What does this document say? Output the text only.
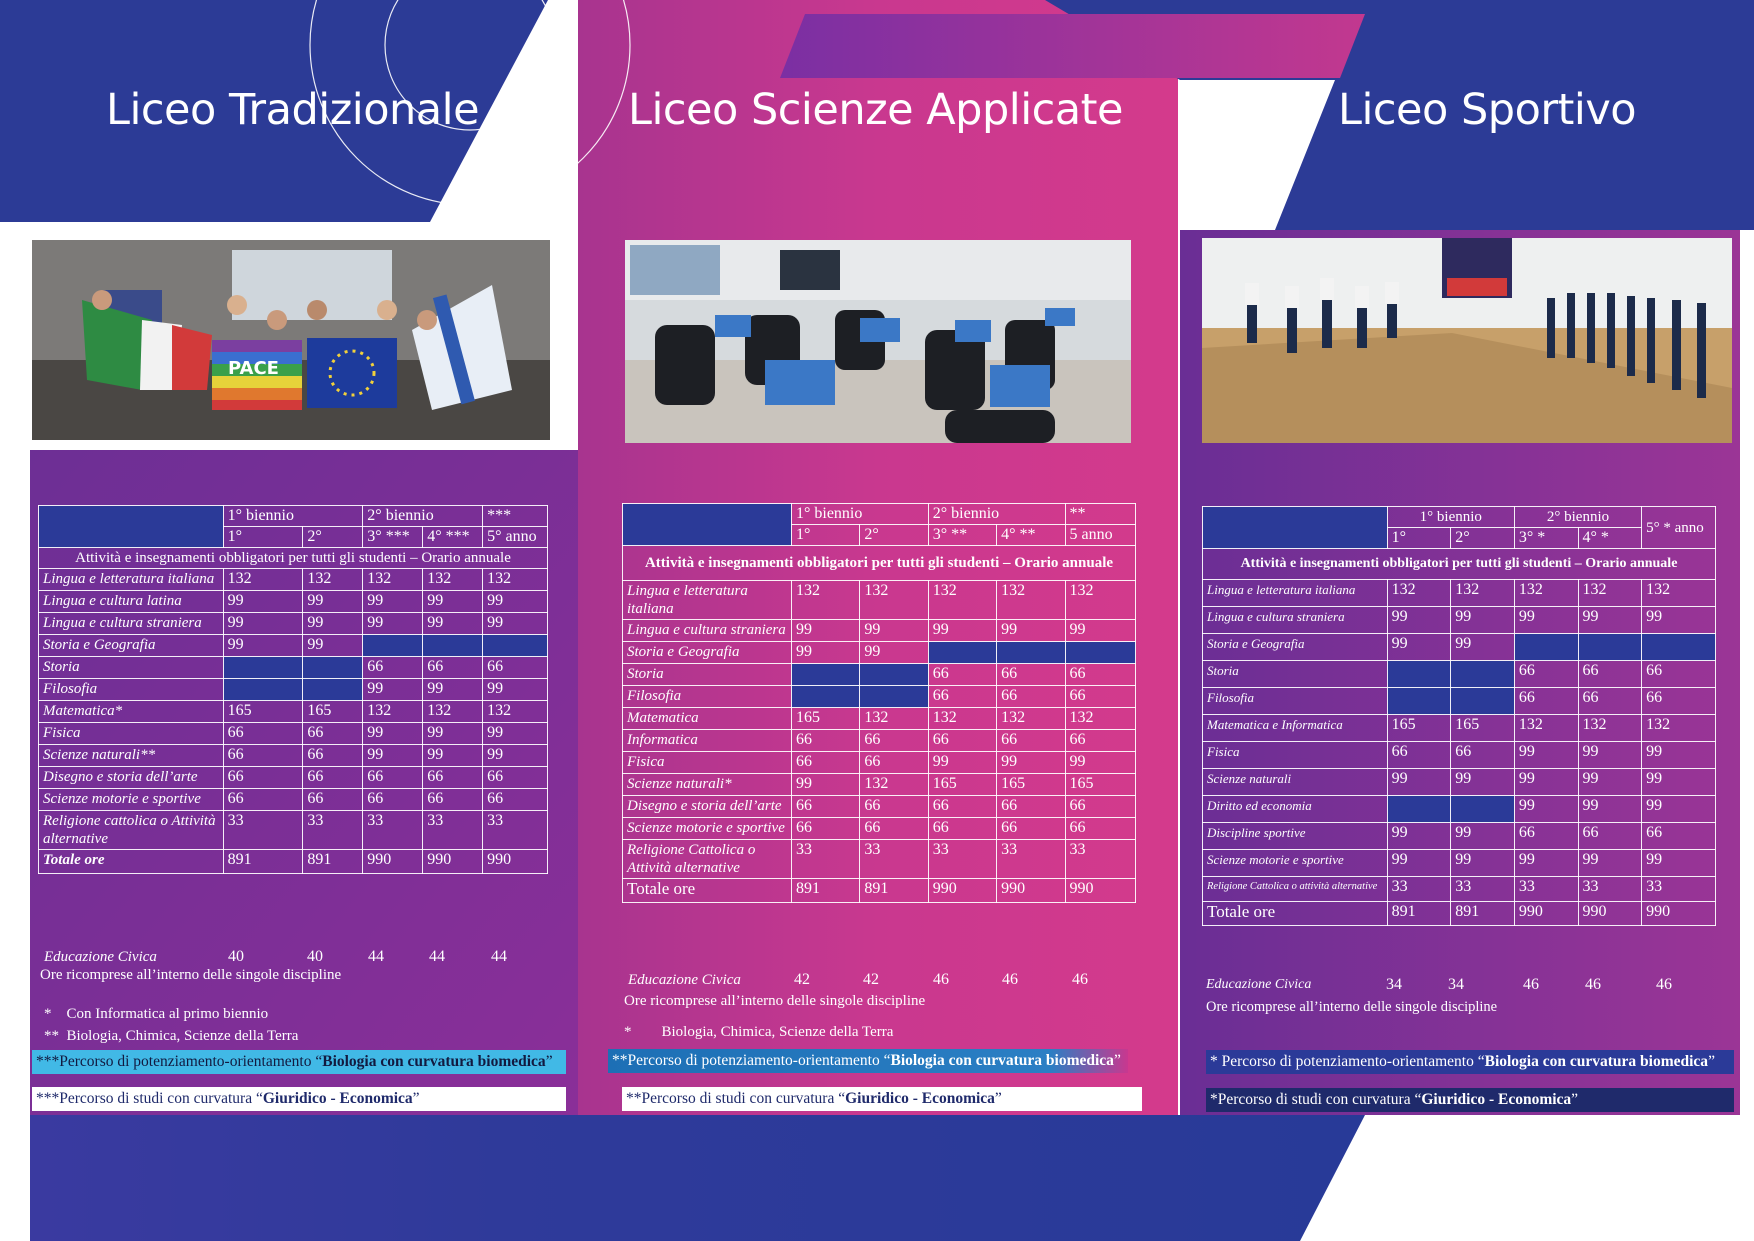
Liceo Tradizionale	Liceo Scienze Applicate	Liceo Sportivo
PACE
	1° biennio		2° biennio		***
	1°	2°	3° ***	4° ***	5° anno
Attività e insegnamenti obbligatori per tutti gli studenti – Orario annuale					
Lingua e letteratura italiana	132	132	132	132	132
Lingua e cultura latina	99	99	99	99	99
Lingua e cultura straniera	99	99	99	99	99
Storia e Geografia	99	99			
Storia			66	66	66
Filosofia			99	99	99
Matematica*	165	165	132	132	132
Fisica	66	66	99	99	99
Scienze naturali**	66	66	99	99	99
Disegno e storia dell’arte	66	66	66	66	66
Scienze motorie e sportive	66	66	66	66	66
Religione cattolica o Attività alternative	33	33	33	33	33
Totale ore	891	891	990	990	990
	1° biennio		2° biennio		**
	1°	2°	3° **	4° **	5 anno
Attività e insegnamenti obbligatori per tutti gli studenti – Orario annuale					
Lingua e letteratura italiana	132	132	132	132	132
Lingua e cultura straniera	99	99	99	99	99
Storia e Geografia	99	99			
Storia			66	66	66
Filosofia			66	66	66
Matematica	165	132	132	132	132
Informatica	66	66	66	66	66
Fisica	66	66	99	99	99
Scienze naturali*	99	132	165	165	165
Disegno e storia dell’arte	66	66	66	66	66
Scienze motorie e sportive	66	66	66	66	66
Religione Cattolica o Attività alternative	33	33	33	33	33
Totale ore	891	891	990	990	990
	1° biennio		2° biennio		5° * anno
	1°	2°	3° *	4° *	
Attività e insegnamenti obbligatori per tutti gli studenti – Orario annuale					
Lingua e letteratura italiana	132	132	132	132	132
Lingua e cultura straniera	99	99	99	99	99
Storia e Geografia	99	99			
Storia			66	66	66
Filosofia			66	66	66
Matematica e Informatica	165	165	132	132	132
Fisica	66	66	99	99	99
Scienze naturali	99	99	99	99	99
Diritto ed economia			99	99	99
Discipline sportive	99	99	66	66	66
Scienze motorie e sportive	99	99	99	99	99
Religione Cattolica o attività alternative	33	33	33	33	33
Totale ore	891	891	990	990	990
Educazione Civica	40	40	44	44	44
Ore ricomprese all’interno delle singole discipline
*    Con Informatica al primo biennio
**  Biologia, Chimica, Scienze della Terra
***Percorso di potenziamento-orientamento “Biologia con curvatura biomedica”
***Percorso di studi con curvatura “Giuridico - Economica”
Educazione Civica	42	42	46	46	46
Ore ricomprese all’interno delle singole discipline
*        Biologia, Chimica, Scienze della Terra
**Percorso di potenziamento-orientamento “Biologia con curvatura biomedica”
**Percorso di studi con curvatura “Giuridico - Economica”
Educazione Civica	34	34	46	46	46
Ore ricomprese all’interno delle singole discipline
* Percorso di potenziamento-orientamento “Biologia con curvatura biomedica”
*Percorso di studi con curvatura “Giuridico - Economica”
